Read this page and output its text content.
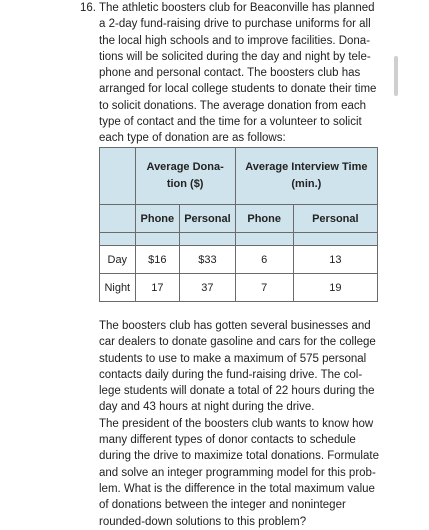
16. The athletic boosters club for Beaconville has planned
a 2-day fund-raising drive to purchase uniforms for all
the local high schools and to improve facilities. Dona-
tions will be solicited during the day and night by tele-
phone and personal contact. The boosters club has
arranged for local college students to donate their time
to solicit donations. The average donation from each
type of contact and the time for a volunteer to solicit
each type of donation are as follows:
	Average Dona-
tion ($)		Average Interview Time
(min.)	
	Phone	Personal	Phone	Personal

Day	$16	$33	6	13
Night	17	37	7	19
The boosters club has gotten several businesses and
car dealers to donate gasoline and cars for the college
students to use to make a maximum of 575 personal
contacts daily during the fund-raising drive. The col-
lege students will donate a total of 22 hours during the
day and 43 hours at night during the drive.
The president of the boosters club wants to know how
many different types of donor contacts to schedule
during the drive to maximize total donations. Formulate
and solve an integer programming model for this prob-
lem. What is the difference in the total maximum value
of donations between the integer and noninteger
rounded-down solutions to this problem?
